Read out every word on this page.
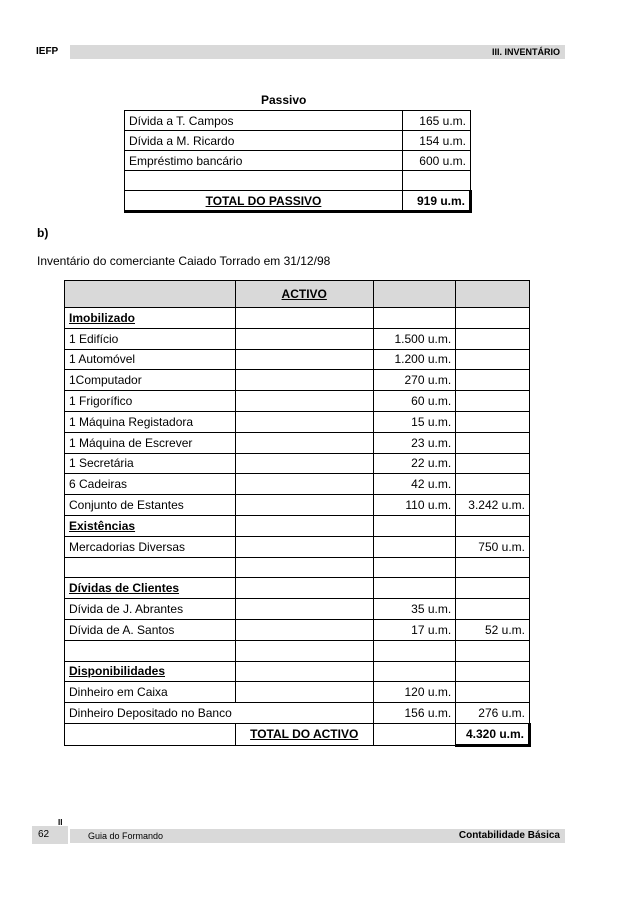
IEFP	III. INVENTÁRIO
Passivo
Dívida a T. Campos	165 u.m.
Dívida a M. Ricardo	154 u.m.
Empréstimo bancário	600 u.m.

TOTAL DO PASSIVO	919 u.m.
b)
Inventário do comerciante Caiado Torrado em 31/12/98
	ACTIVO		
Imobilizado			
1 Edifício		1.500 u.m.	
1 Automóvel		1.200 u.m.	
1Computador		270 u.m.	
1 Frigorífico		60 u.m.	
1 Máquina Registadora		15 u.m.	
1 Máquina de Escrever		23 u.m.	
1 Secretária		22 u.m.	
6 Cadeiras		42 u.m.	
Conjunto de Estantes		110 u.m.	3.242 u.m.
Existências			
Mercadorias Diversas			750 u.m.

Dívidas de Clientes			
Dívida de J. Abrantes		35 u.m.	
Dívida de A. Santos		17 u.m.	52 u.m.

Disponibilidades			
Dinheiro em Caixa		120 u.m.	
Dinheiro Depositado no Banco		156 u.m.	276 u.m.
	TOTAL DO ACTIVO		4.320 u.m.
II
62	Guia do Formando	Contabilidade Básica
